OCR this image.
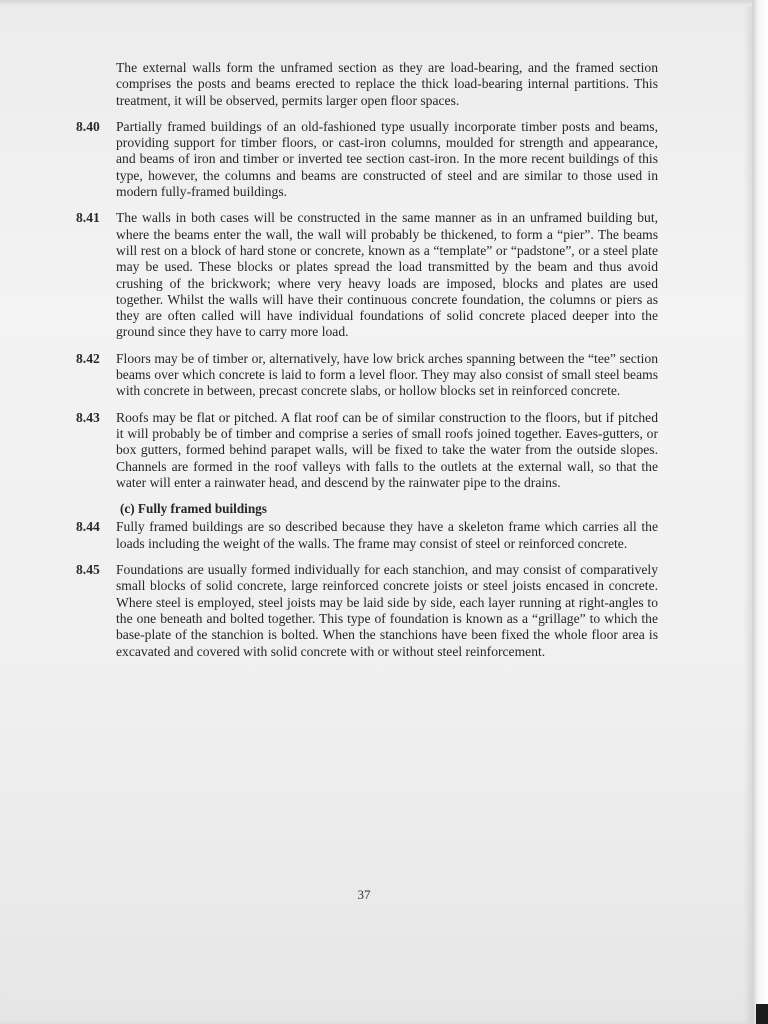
The external walls form the unframed section as they are load-bearing, and the framed section comprises the posts and beams erected to replace the thick load-bearing internal partitions. This treatment, it will be observed, permits larger open floor spaces.

8.40	Partially framed buildings of an old-fashioned type usually incorporate timber posts and beams, providing support for timber floors, or cast-iron columns, moulded for strength and appearance, and beams of iron and timber or inverted tee section cast-iron. In the more recent buildings of this type, however, the columns and beams are constructed of steel and are similar to those used in modern fully-framed buildings.

8.41	The walls in both cases will be constructed in the same manner as in an unframed building but, where the beams enter the wall, the wall will probably be thickened, to form a “pier”. The beams will rest on a block of hard stone or concrete, known as a “template” or “padstone”, or a steel plate may be used. These blocks or plates spread the load transmitted by the beam and thus avoid crushing of the brickwork; where very heavy loads are imposed, blocks and plates are used together. Whilst the walls will have their continuous concrete foundation, the columns or piers as they are often called will have individual foundations of solid concrete placed deeper into the ground since they have to carry more load.

8.42	Floors may be of timber or, alternatively, have low brick arches spanning between the “tee” section beams over which concrete is laid to form a level floor. They may also consist of small steel beams with concrete in between, precast concrete slabs, or hollow blocks set in reinforced concrete.

8.43	Roofs may be flat or pitched. A flat roof can be of similar construction to the floors, but if pitched it will probably be of timber and comprise a series of small roofs joined together. Eaves-gutters, or box gutters, formed behind parapet walls, will be fixed to take the water from the outside slopes. Channels are formed in the roof valleys with falls to the outlets at the external wall, so that the water will enter a rainwater head, and descend by the rainwater pipe to the drains.

(c) Fully framed buildings

8.44	Fully framed buildings are so described because they have a skeleton frame which carries all the loads including the weight of the walls. The frame may consist of steel or reinforced concrete.

8.45	Foundations are usually formed individually for each stanchion, and may consist of comparatively small blocks of solid concrete, large reinforced concrete joists or steel joists encased in concrete. Where steel is employed, steel joists may be laid side by side, each layer running at right-angles to the one beneath and bolted together. This type of foundation is known as a “grillage” to which the base-plate of the stanchion is bolted. When the stanchions have been fixed the whole floor area is excavated and covered with solid concrete with or without steel reinforcement.

37
